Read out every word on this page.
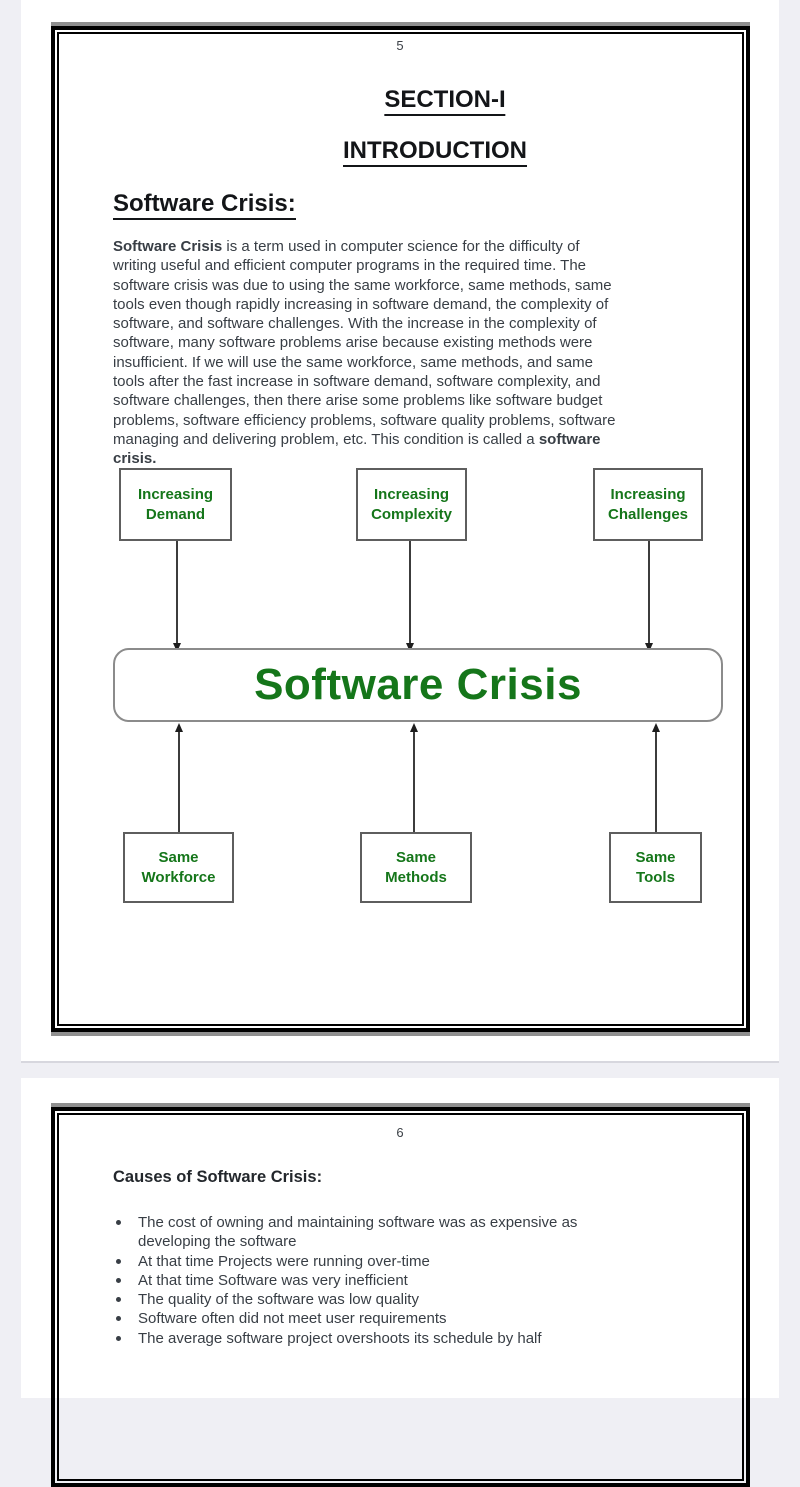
5
SECTION-I
INTRODUCTION
Software Crisis:
Software Crisis is a term used in computer science for the difficulty of
writing useful and efficient computer programs in the required time. The
software crisis was due to using the same workforce, same methods, same
tools even though rapidly increasing in software demand, the complexity of
software, and software challenges. With the increase in the complexity of
software, many software problems arise because existing methods were
insufficient. If we will use the same workforce, same methods, and same
tools after the fast increase in software demand, software complexity, and
software challenges, then there arise some problems like software budget
problems, software efficiency problems, software quality problems, software
managing and delivering problem, etc. This condition is called a software
crisis.
Increasing Demand
Increasing Complexity
Increasing Challenges
Software Crisis
Same Workforce
Same Methods
Same Tools
6
Causes of Software Crisis:
The cost of owning and maintaining software was as expensive as developing the software
At that time Projects were running over-time
At that time Software was very inefficient
The quality of the software was low quality
Software often did not meet user requirements
The average software project overshoots its schedule by half
